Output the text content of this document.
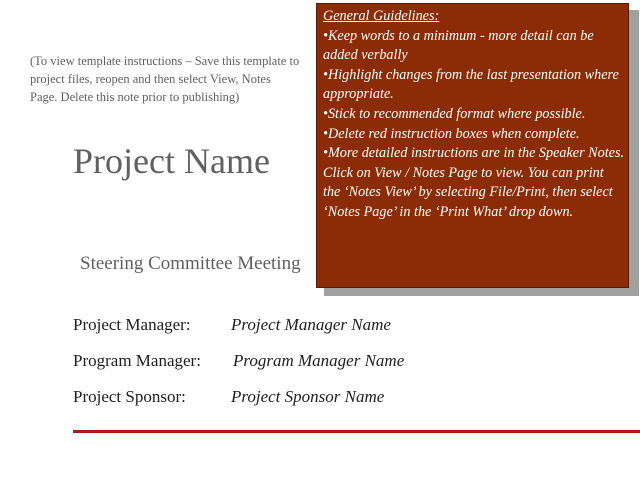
(To view template instructions – Save this template to project files, reopen and then select View, Notes Page. Delete this note prior to publishing)
Project Name
Steering Committee Meeting
Project Manager: Project Manager Name
Program Manager: Program Manager Name
Project Sponsor:	Project Sponsor Name
General Guidelines:

•Keep words to a minimum - more detail can be added verbally

•Highlight changes from the last presentation where appropriate.

•Stick to recommended format where possible.

•Delete red instruction boxes when complete.

•More detailed instructions are in the Speaker Notes. Click on View / Notes Page to view. You can print the ‘Notes View’ by selecting File/Print, then select ‘Notes Page’ in the ‘Print What’ drop down.
